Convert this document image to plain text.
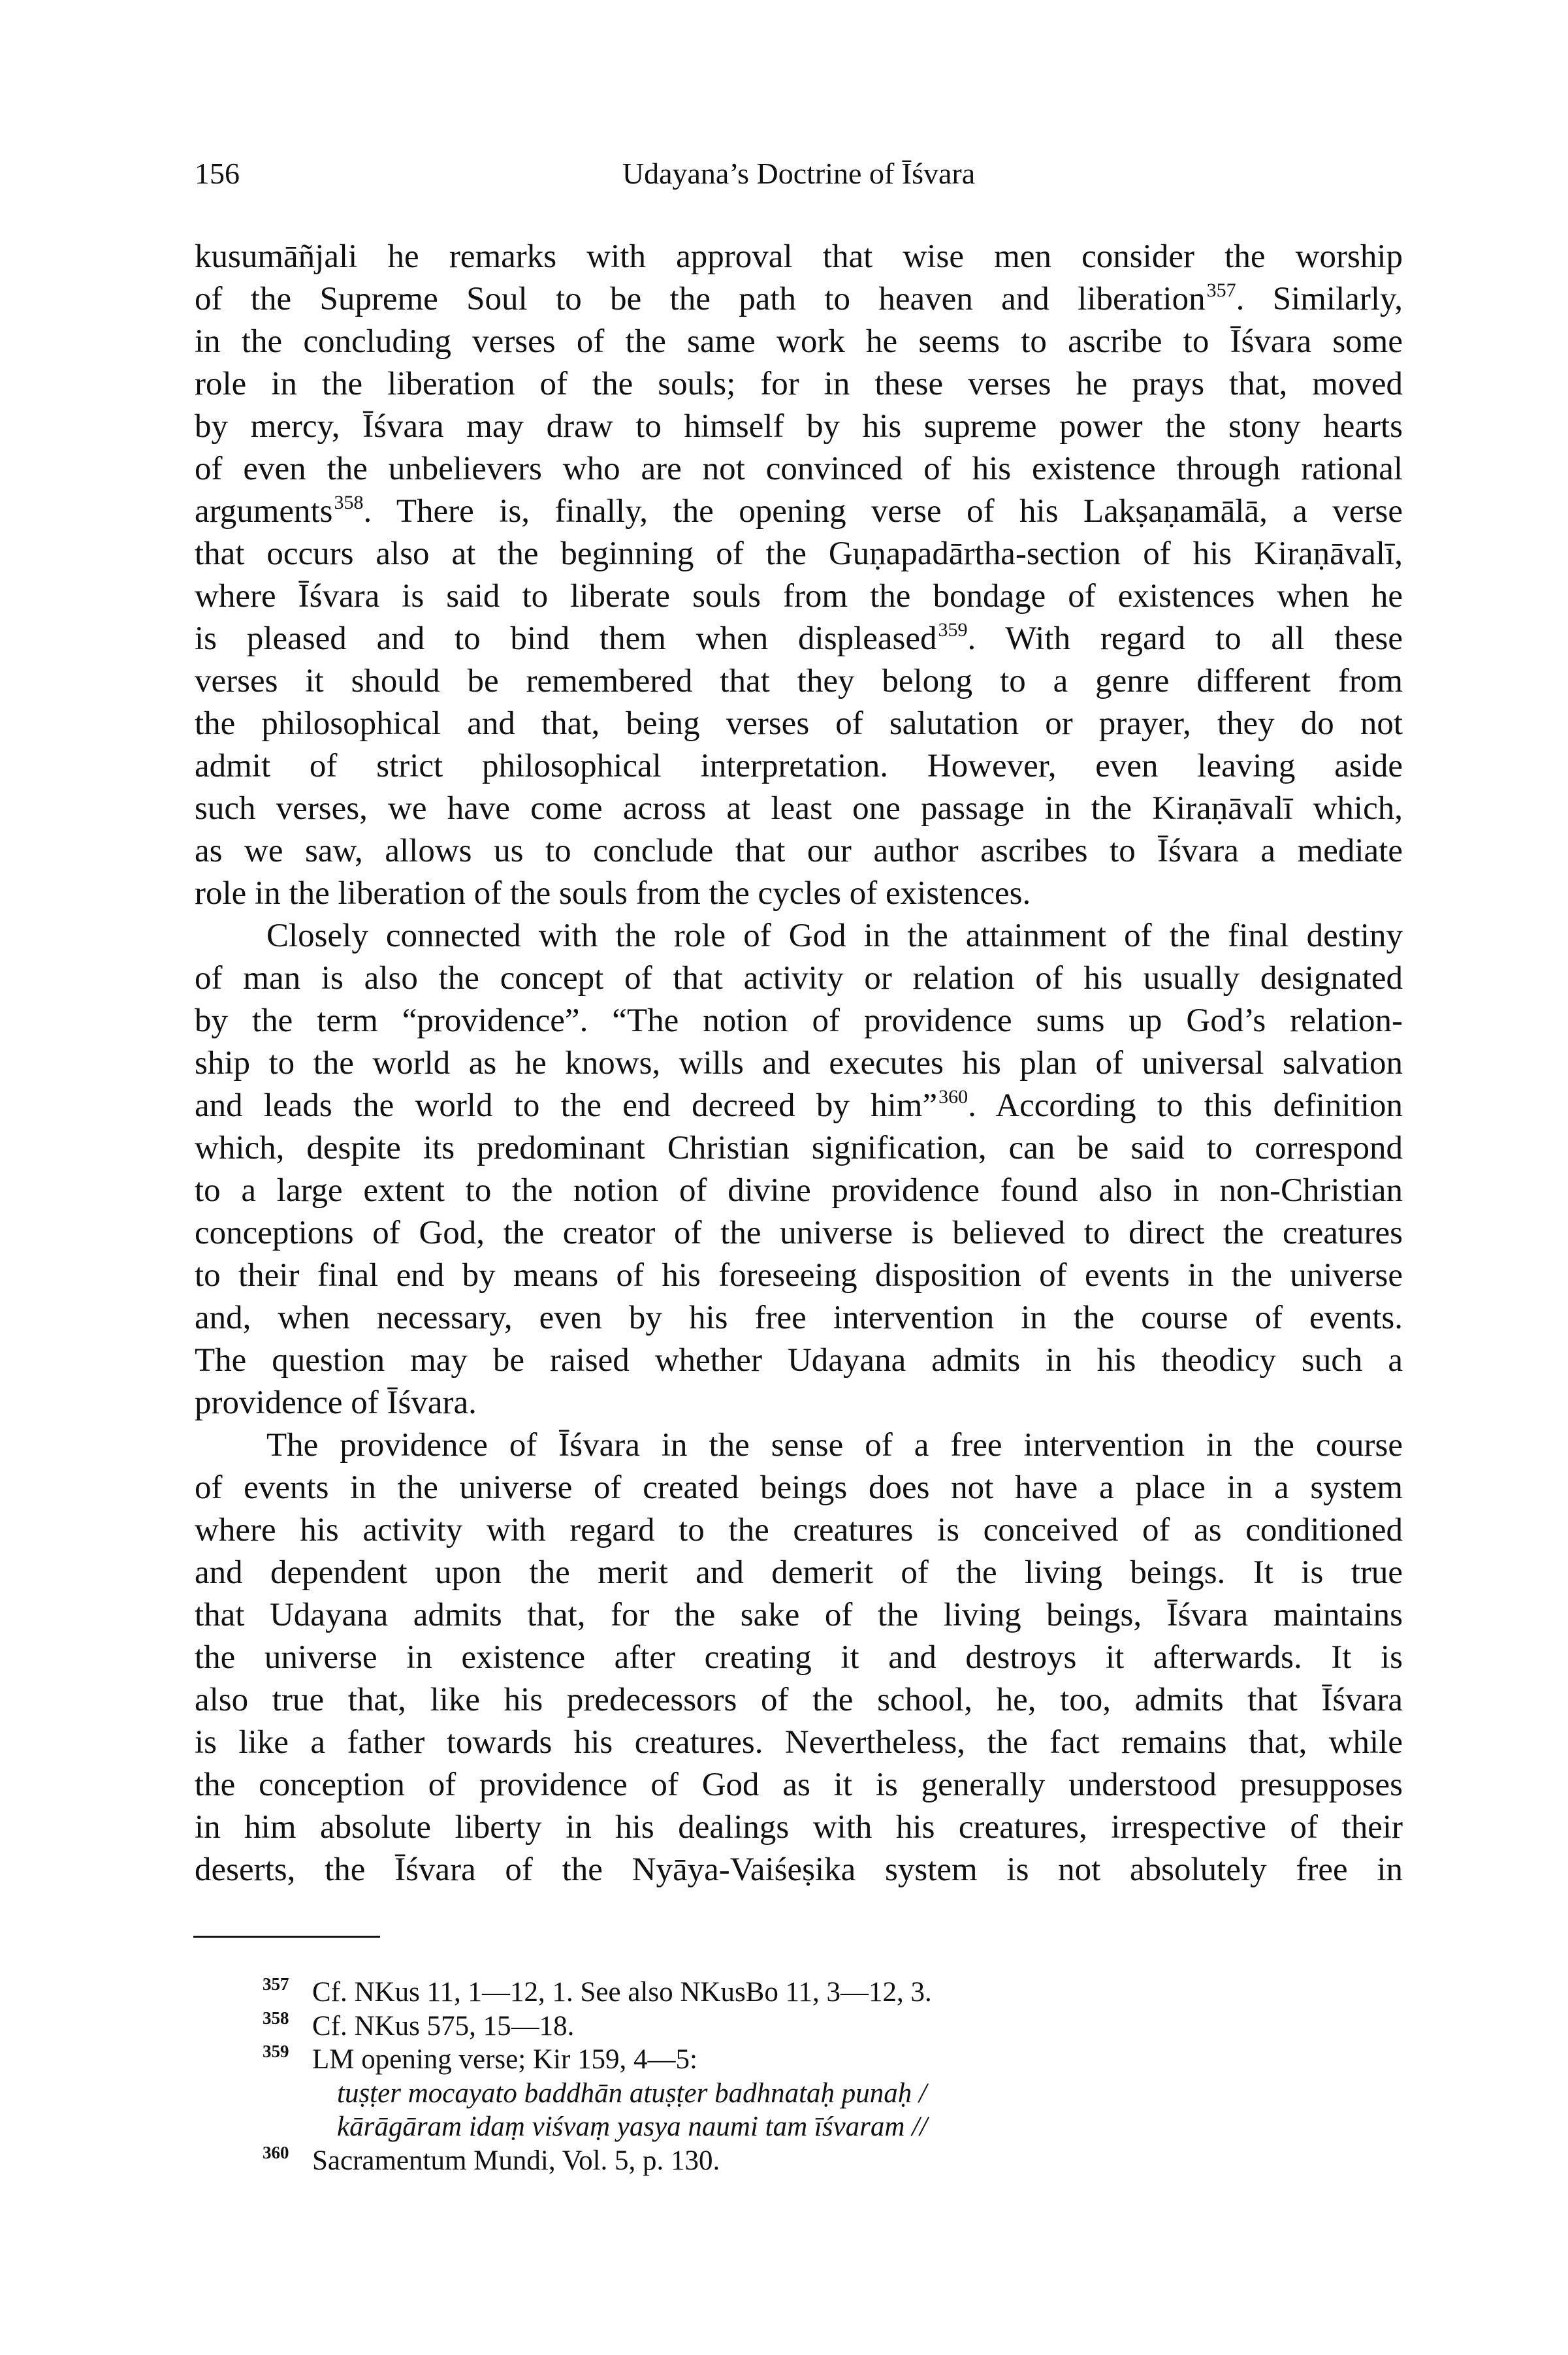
156	Udayana’s Doctrine of Īśvara
kusumāñjali he remarks with approval that wise men consider the worship
of the Supreme Soul to be the path to heaven and liberation$^{357}$. Similarly,
in the concluding verses of the same work he seems to ascribe to Īśvara some
role in the liberation of the souls; for in these verses he prays that, moved
by mercy, Īśvara may draw to himself by his supreme power the stony hearts
of even the unbelievers who are not convinced of his existence through rational
arguments$^{358}$. There is, finally, the opening verse of his Lakṣaṇamālā, a verse
that occurs also at the beginning of the Guṇapadārtha-section of his Kiraṇāvalī,
where Īśvara is said to liberate souls from the bondage of existences when he
is pleased and to bind them when displeased$^{359}$. With regard to all these
verses it should be remembered that they belong to a genre different from
the philosophical and that, being verses of salutation or prayer, they do not
admit of strict philosophical interpretation. However, even leaving aside
such verses, we have come across at least one passage in the Kiraṇāvalī which,
as we saw, allows us to conclude that our author ascribes to Īśvara a mediate
role in the liberation of the souls from the cycles of existences.
Closely connected with the role of God in the attainment of the final destiny
of man is also the concept of that activity or relation of his usually designated
by the term “providence”. “The notion of providence sums up God’s relation-
ship to the world as he knows, wills and executes his plan of universal salvation
and leads the world to the end decreed by him”$^{360}$. According to this definition
which, despite its predominant Christian signification, can be said to correspond
to a large extent to the notion of divine providence found also in non-Christian
conceptions of God, the creator of the universe is believed to direct the creatures
to their final end by means of his foreseeing disposition of events in the universe
and, when necessary, even by his free intervention in the course of events.
The question may be raised whether Udayana admits in his theodicy such a
providence of Īśvara.
The providence of Īśvara in the sense of a free intervention in the course
of events in the universe of created beings does not have a place in a system
where his activity with regard to the creatures is conceived of as conditioned
and dependent upon the merit and demerit of the living beings. It is true
that Udayana admits that, for the sake of the living beings, Īśvara maintains
the universe in existence after creating it and destroys it afterwards. It is
also true that, like his predecessors of the school, he, too, admits that Īśvara
is like a father towards his creatures. Nevertheless, the fact remains that, while
the conception of providence of God as it is generally understood presupposes
in him absolute liberty in his dealings with his creatures, irrespective of their
deserts, the Īśvara of the Nyāya-Vaiśeṣika system is not absolutely free in
357 Cf. NKus 11, 1—12, 1. See also NKusBo 11, 3—12, 3.
358 Cf. NKus 575, 15—18.
359 LM opening verse; Kir 159, 4—5:
tuṣṭer mocayato baddhān atuṣṭer badhnataḥ punaḥ /
kārāgāram idaṃ viśvaṃ yasya naumi tam īśvaram //
360 Sacramentum Mundi, Vol. 5, p. 130.
